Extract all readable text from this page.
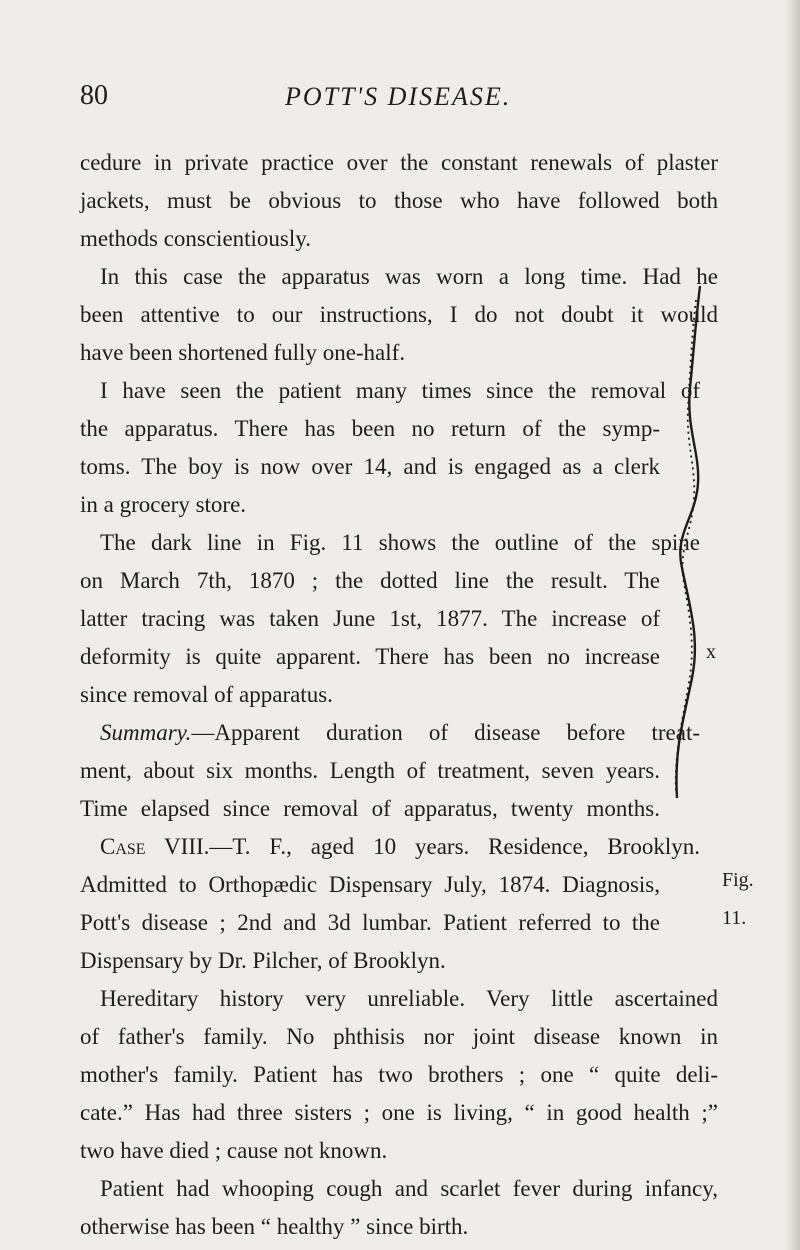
80	POTT'S DISEASE.
cedure in private practice over the constant renewals of plaster
jackets, must be obvious to those who have followed both
methods conscientiously.
In this case the apparatus was worn a long time. Had he
been attentive to our instructions, I do not doubt it would
have been shortened fully one-half.
I have seen the patient many times since the removal of
the apparatus. There has been no return of the symp-
toms. The boy is now over 14, and is engaged as a clerk
in a grocery store.
The dark line in Fig. 11 shows the outline of the spine
on March 7th, 1870 ; the dotted line the result. The
latter tracing was taken June 1st, 1877. The increase of
deformity is quite apparent. There has been no increase
since removal of apparatus.
Summary.—Apparent duration of disease before treat-
ment, about six months. Length of treatment, seven years.
Time elapsed since removal of apparatus, twenty months.
Case VIII.—T. F., aged 10 years. Residence, Brooklyn.
Admitted to Orthopædic Dispensary July, 1874. Diagnosis,
Pott's disease ; 2nd and 3d lumbar. Patient referred to the
Dispensary by Dr. Pilcher, of Brooklyn.
Hereditary history very unreliable. Very little ascertained
of father's family. No phthisis nor joint disease known in
mother's family. Patient has two brothers ; one “ quite deli-
cate.” Has had three sisters ; one is living, “ in good health ;”
two have died ; cause not known.
Patient had whooping cough and scarlet fever during infancy,
otherwise has been “ healthy ” since birth.
x
Fig.
11.
